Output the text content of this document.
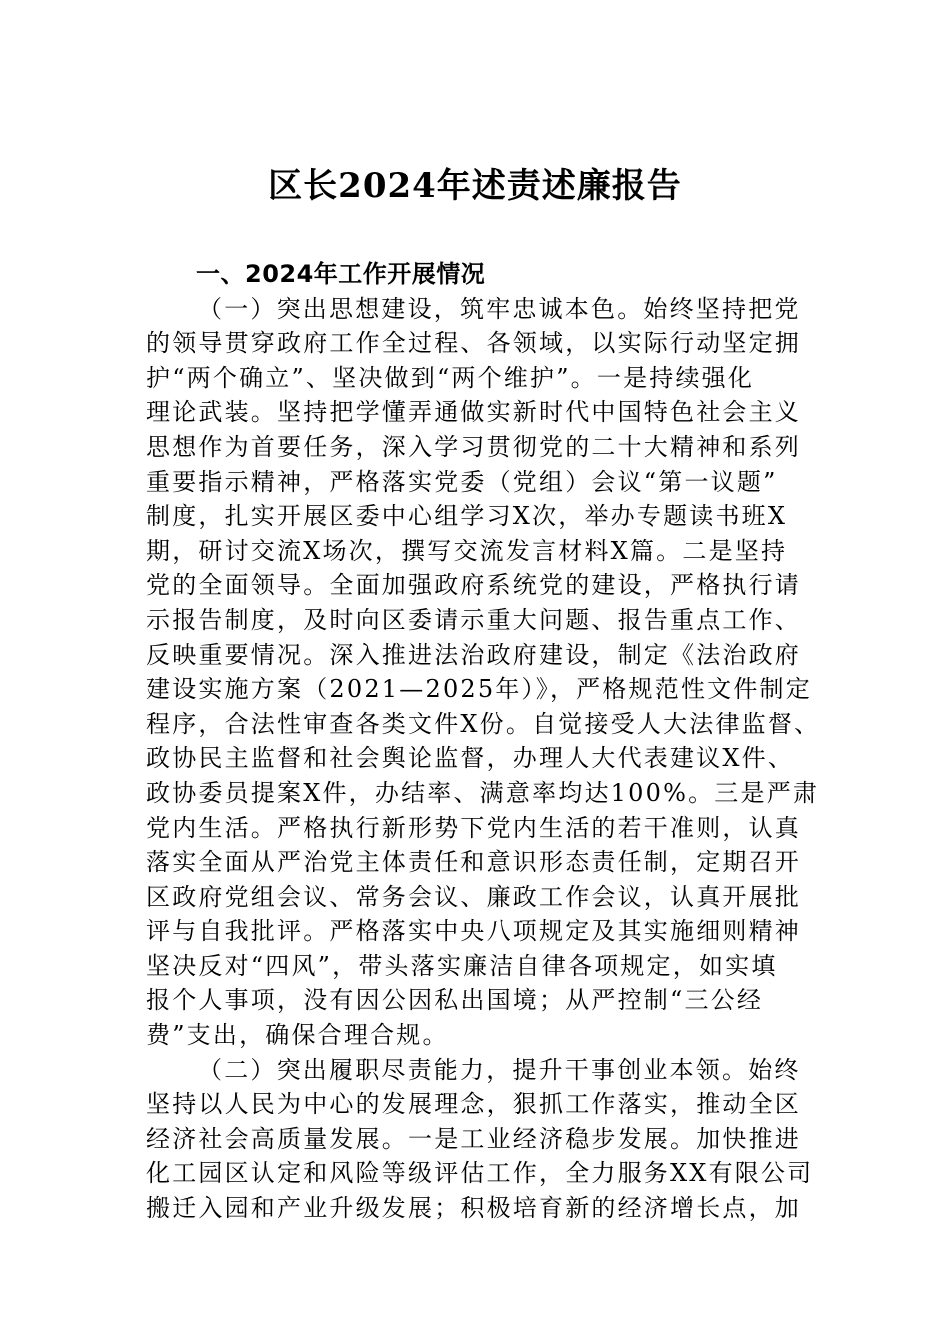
区长2024年述责述廉报告
一、2024年工作开展情况
（一）突出思想建设，筑牢忠诚本色。始终坚持把党
的领导贯穿政府工作全过程、各领域，以实际行动坚定拥
护“两个确立”、坚决做到“两个维护”。一是持续强化
理论武装。坚持把学懂弄通做实新时代中国特色社会主义
思想作为首要任务，深入学习贯彻党的二十大精神和系列
重要指示精神，严格落实党委（党组）会议“第一议题”
制度，扎实开展区委中心组学习X次，举办专题读书班X
期，研讨交流X场次，撰写交流发言材料X篇。二是坚持
党的全面领导。全面加强政府系统党的建设，严格执行请
示报告制度，及时向区委请示重大问题、报告重点工作、
反映重要情况。深入推进法治政府建设，制定《法治政府
建设实施方案（2021—2025年）》，严格规范性文件制定
程序，合法性审查各类文件X份。自觉接受人大法律监督、
政协民主监督和社会舆论监督，办理人大代表建议X件、
政协委员提案X件，办结率、满意率均达100%。三是严肃
党内生活。严格执行新形势下党内生活的若干准则，认真
落实全面从严治党主体责任和意识形态责任制，定期召开
区政府党组会议、常务会议、廉政工作会议，认真开展批
评与自我批评。严格落实中央八项规定及其实施细则精神
坚决反对“四风”，带头落实廉洁自律各项规定，如实填
报个人事项，没有因公因私出国境；从严控制“三公经
费”支出，确保合理合规。
（二）突出履职尽责能力，提升干事创业本领。始终
坚持以人民为中心的发展理念，狠抓工作落实，推动全区
经济社会高质量发展。一是工业经济稳步发展。加快推进
化工园区认定和风险等级评估工作，全力服务XX有限公司
搬迁入园和产业升级发展；积极培育新的经济增长点，加
